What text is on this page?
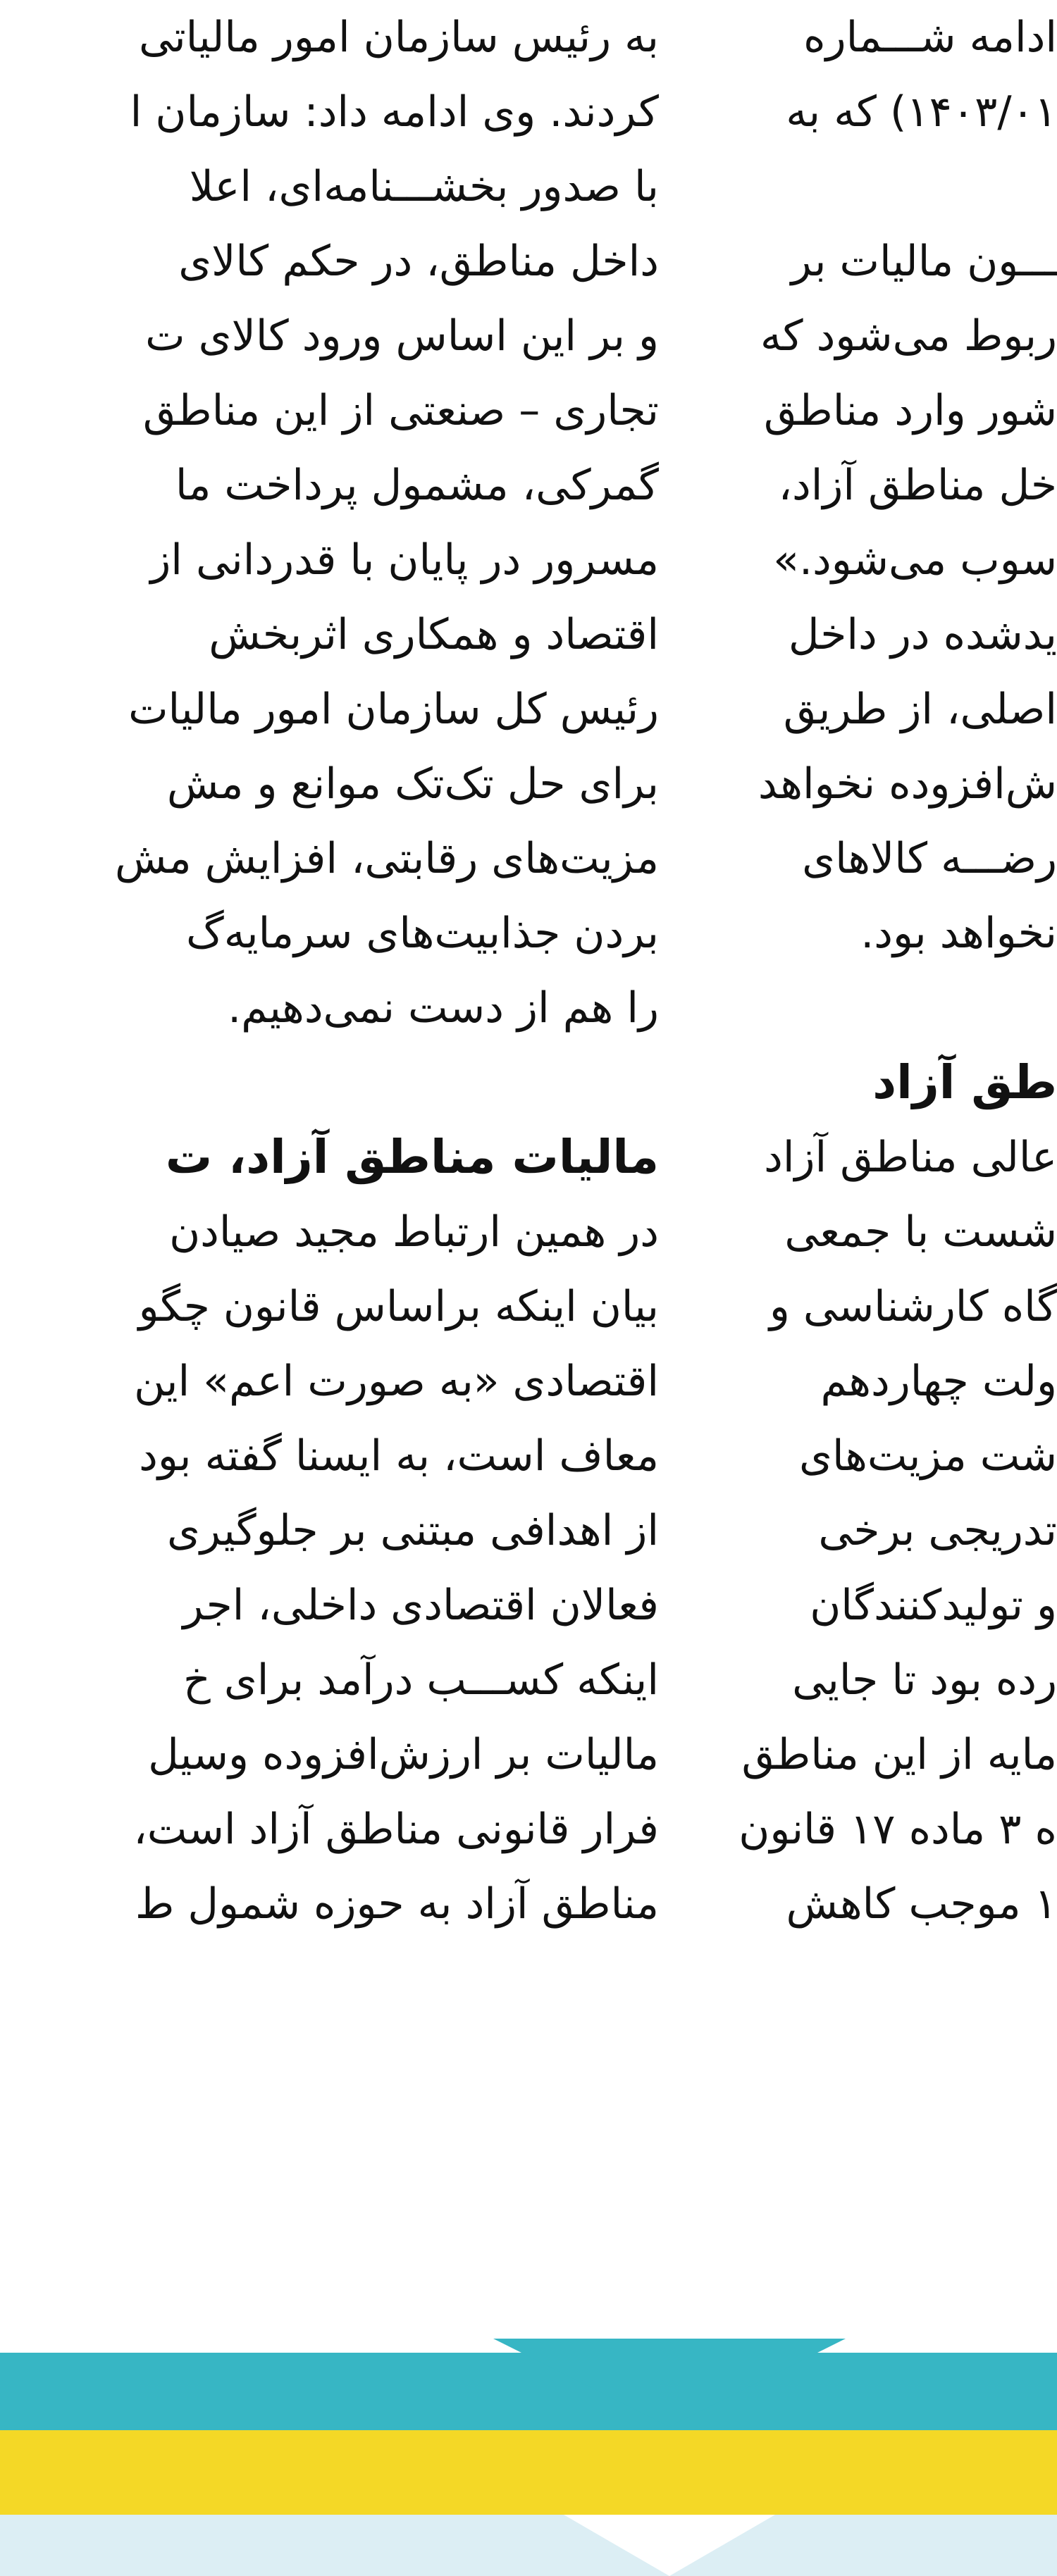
به رئیس سازمان امور مالیاتی
کردند. وی ادامه داد: سازمان ا
با صدور بخشـــنامه‌ای، اعلا
داخل مناطق، در حکم کالای
و بر این اساس ورود کالای ت
تجاری – صنعتی از این مناطق
گمرکی، مشمول پرداخت ما
مسرور در پایان با قدردانی از
اقتصاد و همکاری اثربخش
رئیس کل سازمان امور مالیات
برای حل تک‌تک موانع و مش
مزیت‌های رقابتی، افزایش مش
بردن جذابیت‌های سرمایه‌گ
را هم از دست نمی‌دهیم.
مالیات مناطق آزاد، ت
در همین ارتباط مجید صیادن
بیان اینکه براساس قانون چگو
اقتصادی «به صورت اعم» این
معاف است، به ایسنا گفته بود
از اهدافی مبتنی بر جلوگیری
فعالان اقتصادی داخلی، اجر
اینکه کســـب درآمد برای خ
مالیات بر ارزش‌افزوده وسیل
فرار قانونی مناطق آزاد است،
مناطق آزاد به حوزه شمول ط
ادامه شـــماره
۱۴۰۳/۰۱) که به
ـــون مالیات بر
ربوط می‌شود که
شور وارد مناطق
خل مناطق آزاد،
سوب می‌شود.»
یدشده در داخل
اصلی، از طریق
ش‌افزوده نخواهد
رضـــه کالاهای
نخواهد بود.
طق آزاد
عالی مناطق آزاد
شست با جمعی
گاه کارشناسی و
ولت چهاردهم
شت مزیت‌های
تدریجی برخی
و تولیدکنندگان
رده بود تا جایی
مایه از این مناطق
ه ۳ ماده ۱۷ قانون
۱ موجب کاهش
